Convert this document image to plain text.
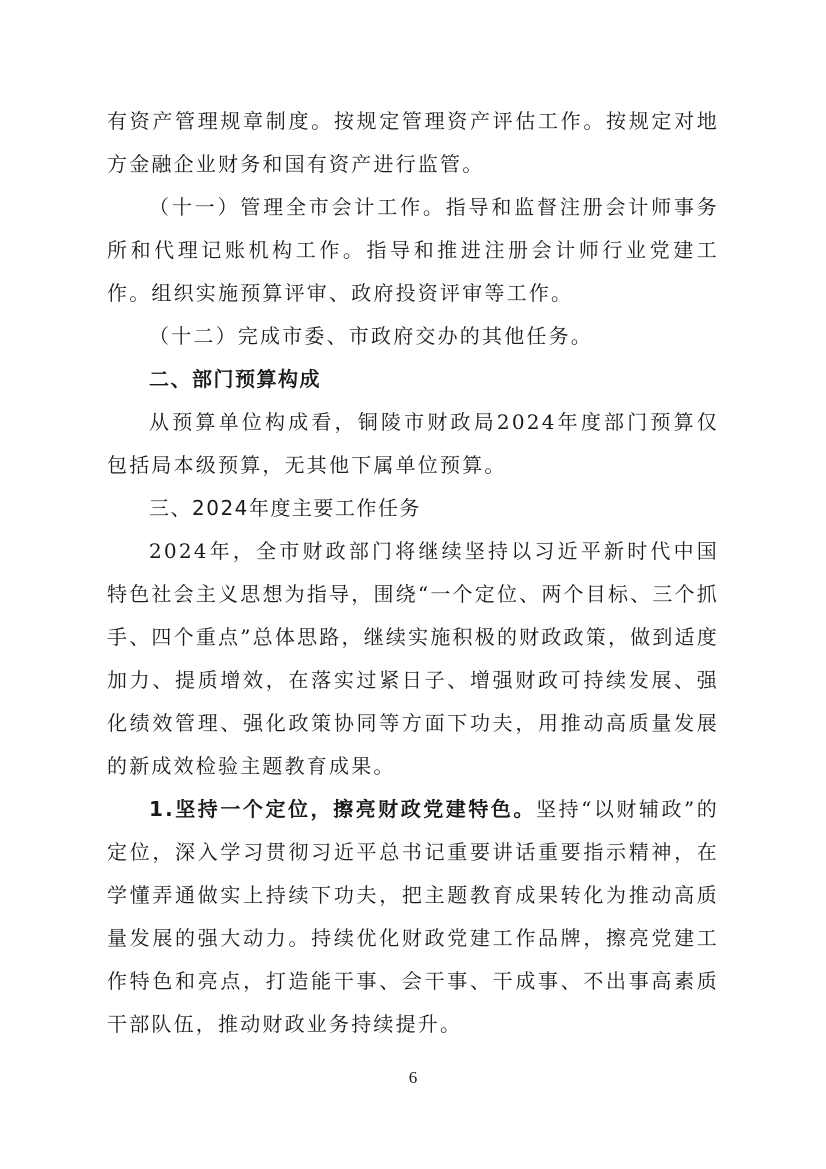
有资产管理规章制度。按规定管理资产评估工作。按规定对地方金融企业财务和国有资产进行监管。

（十一）管理全市会计工作。指导和监督注册会计师事务所和代理记账机构工作。指导和推进注册会计师行业党建工作。组织实施预算评审、政府投资评审等工作。

（十二）完成市委、市政府交办的其他任务。

二、部门预算构成

从预算单位构成看，铜陵市财政局2024年度部门预算仅包括局本级预算，无其他下属单位预算。

三、2024年度主要工作任务

2024年，全市财政部门将继续坚持以习近平新时代中国特色社会主义思想为指导，围绕“一个定位、两个目标、三个抓手、四个重点”总体思路，继续实施积极的财政政策，做到适度加力、提质增效，在落实过紧日子、增强财政可持续发展、强化绩效管理、强化政策协同等方面下功夫，用推动高质量发展的新成效检验主题教育成果。

1.坚持一个定位，擦亮财政党建特色。坚持“以财辅政”的定位，深入学习贯彻习近平总书记重要讲话重要指示精神，在学懂弄通做实上持续下功夫，把主题教育成果转化为推动高质量发展的强大动力。持续优化财政党建工作品牌，擦亮党建工作特色和亮点，打造能干事、会干事、干成事、不出事高素质干部队伍，推动财政业务持续提升。

6
